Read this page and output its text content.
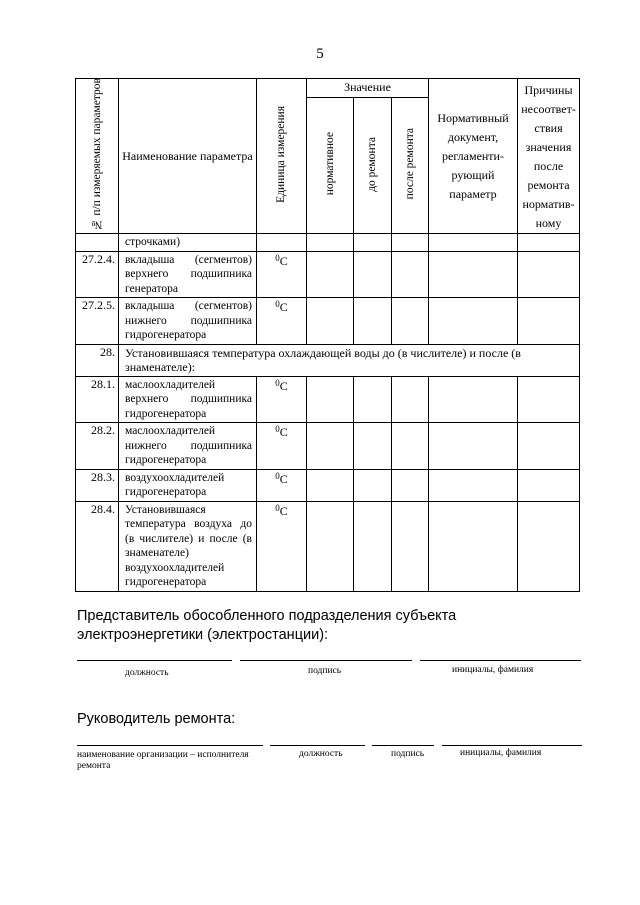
5
№ п/п измеряемых параметров	Наименование параметра	Единица измерения	Значение			Нормативный документ, регламенти-рующий параметр	Причины несоответ-ствия значения после ремонта норматив-ному
			нормативное	до ремонта	после ремонта		
	строчками)						
27.2.4.	вкладыша (сегментов) верхнего подшипника генератора	$^0$C					
27.2.5.	вкладыша (сегментов) нижнего подшипника гидрогенератора	$^0$C					
28.	Установившаяся температура охлаждающей воды до (в числителе) и после (в знаменателе):						
28.1.	маслоохладителей верхнего подшипника гидрогенератора	$^0$C					
28.2.	маслоохладителей нижнего подшипника гидрогенератора	$^0$C					
28.3.	воздухоохладителей гидрогенератора	$^0$C					
28.4.	Установившаяся температура воздуха до (в числителе) и после (в знаменателе) воздухоохладителей гидрогенератора	$^0$C					
Представитель обособленного подразделения субъекта электроэнергетики (электростанции):
должность	подпись	инициалы, фамилия
Руководитель ремонта:
наименование организации – исполнителя ремонта
должность	подпись	инициалы, фамилия
